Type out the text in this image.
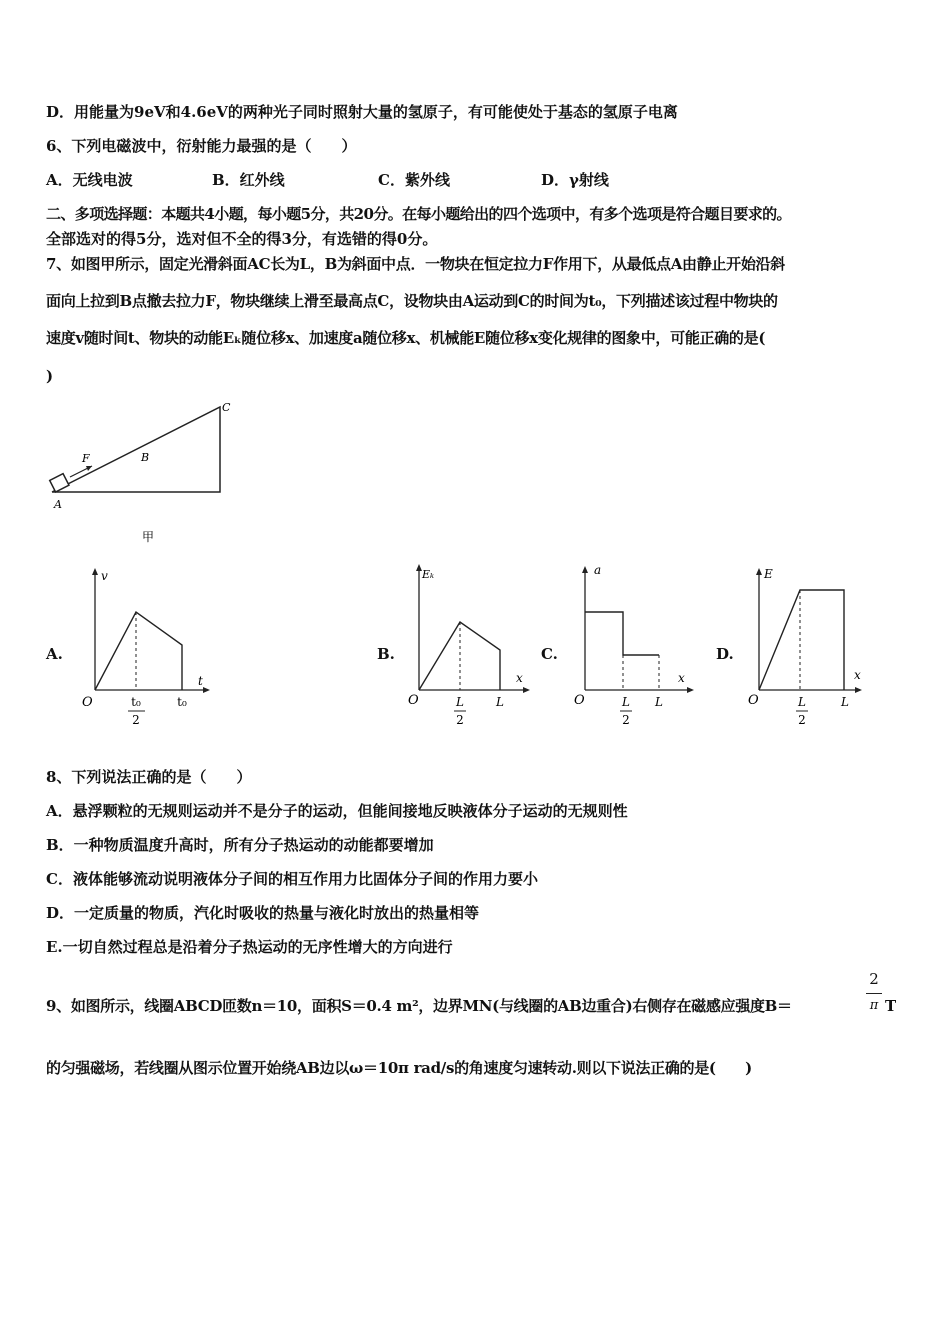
D．用能量为9eV和4.6eV的两种光子同时照射大量的氢原子，有可能使处于基态的氢原子电离
6、下列电磁波中，衍射能力最强的是（　　）
A．无线电波	B．红外线	C．紫外线	D．γ射线
二、多项选择题：本题共4小题，每小题5分，共20分。在每小题给出的四个选项中，有多个选项是符合题目要求的。
全部选对的得5分，选对但不全的得3分，有选错的得0分。
7、如图甲所示，固定光滑斜面AC长为L，B为斜面中点．一物块在恒定拉力F作用下，从最低点A由静止开始沿斜
面向上拉到B点撤去拉力F，物块继续上滑至最高点C，设物块由A运动到C的时间为t₀，下列描述该过程中物块的
速度v随时间t、物块的动能Eₖ随位移x、加速度a随位移x、机械能E随位移x变化规律的图象中，可能正确的是(
)
F	B
C
A
甲
A.	B.	C.	D.
v
t
O	t₀
2
t₀
Eₖ
x
O	L
2
L
a
x
O	L
2
L
E
x
O	L
2
L
8、下列说法正确的是（　　）
A．悬浮颗粒的无规则运动并不是分子的运动，但能间接地反映液体分子运动的无规则性
B．一种物质温度升高时，所有分子热运动的动能都要增加
C．液体能够流动说明液体分子间的相互作用力比固体分子间的作用力要小
D．一定质量的物质，汽化时吸收的热量与液化时放出的热量相等
E.一切自然过程总是沿着分子热运动的无序性增大的方向进行
9、如图所示，线圈ABCD匝数n＝10，面积S＝0.4 m²，边界MN(与线圈的AB边重合)右侧存在磁感应强度B＝
2
π T
的匀强磁场，若线圈从图示位置开始绕AB边以ω＝10π rad/s的角速度匀速转动.则以下说法正确的是(　　)
